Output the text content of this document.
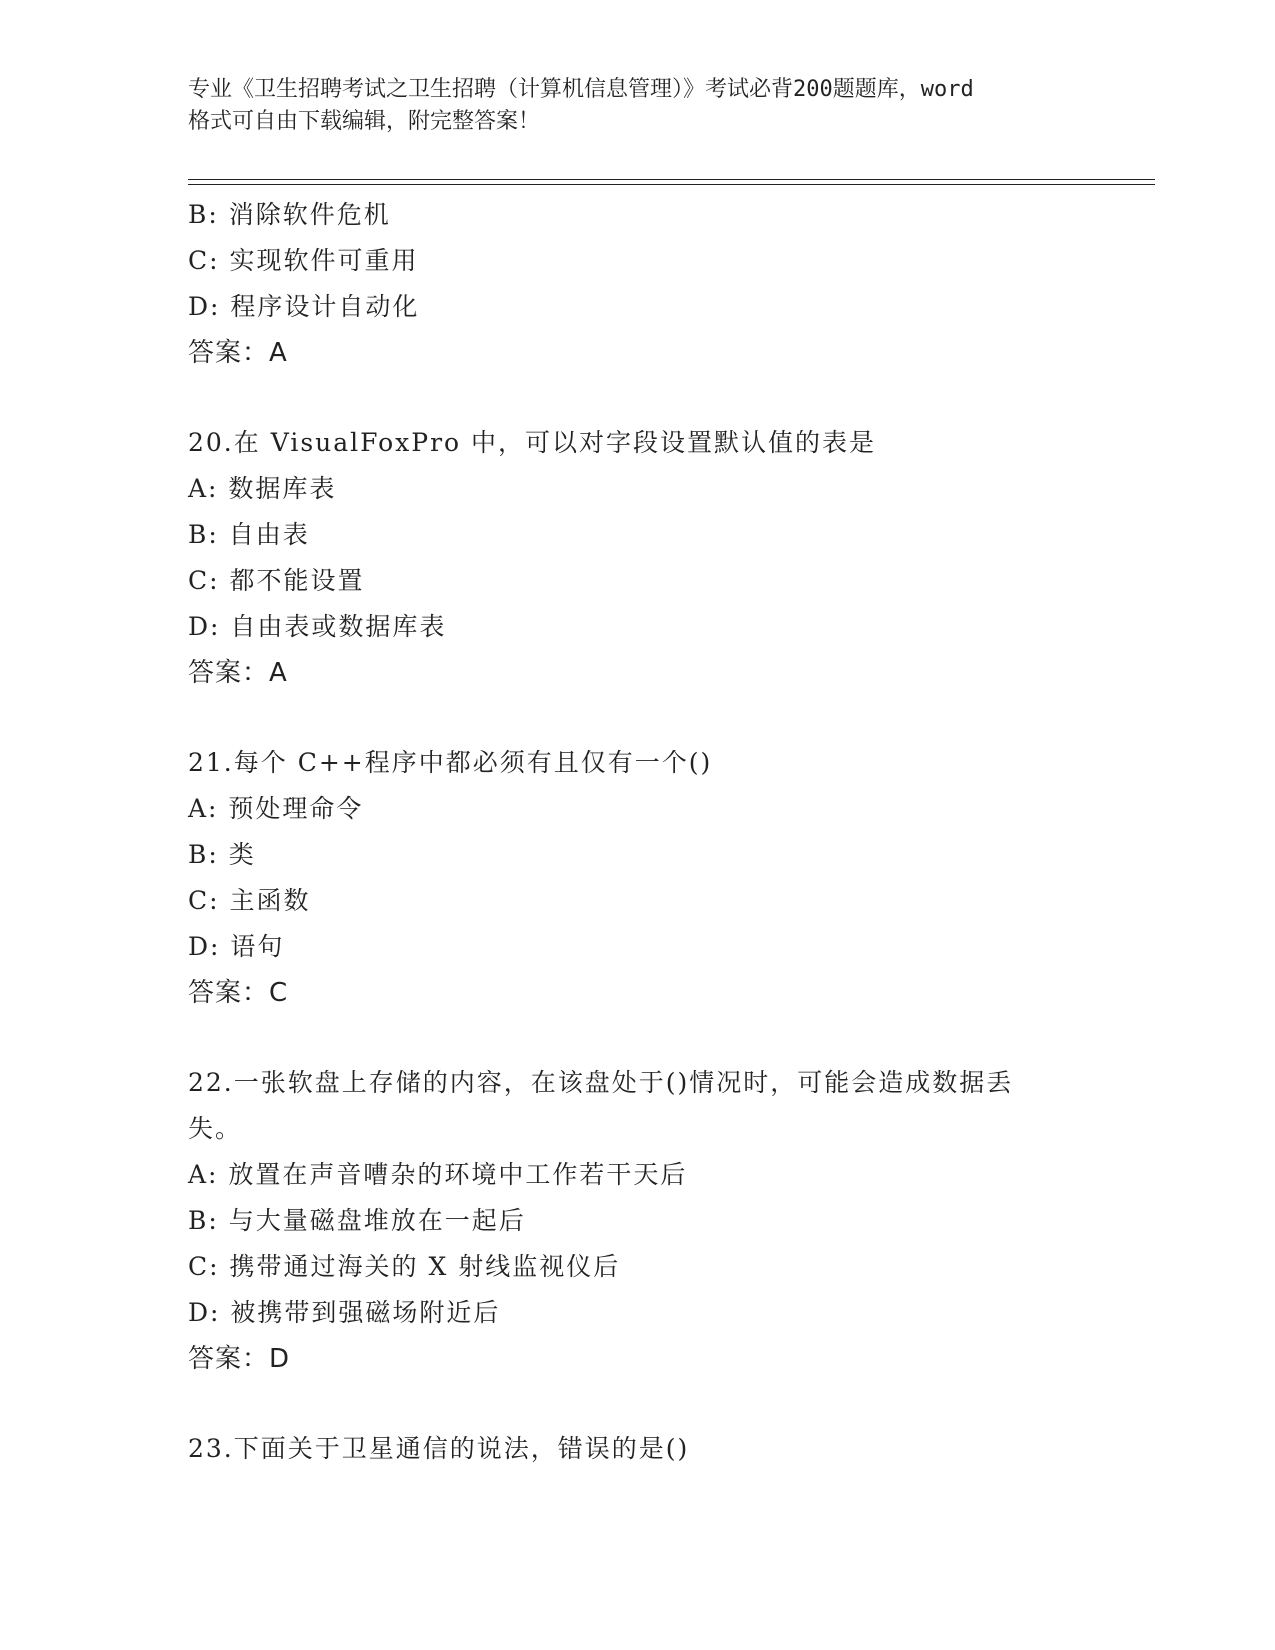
专业《卫生招聘考试之卫生招聘（计算机信息管理）》考试必背200题题库，word
格式可自由下载编辑，附完整答案！
B: 消除软件危机
C: 实现软件可重用
D: 程序设计自动化
答案：A
20.在 VisualFoxPro 中，可以对字段设置默认值的表是
A: 数据库表
B: 自由表
C: 都不能设置
D: 自由表或数据库表
答案：A
21.每个 C++程序中都必须有且仅有一个()
A: 预处理命令
B: 类
C: 主函数
D: 语句
答案：C
22.一张软盘上存储的内容，在该盘处于()情况时，可能会造成数据丢
失。
A: 放置在声音嘈杂的环境中工作若干天后
B: 与大量磁盘堆放在一起后
C: 携带通过海关的 X 射线监视仪后
D: 被携带到强磁场附近后
答案：D
23.下面关于卫星通信的说法，错误的是()
